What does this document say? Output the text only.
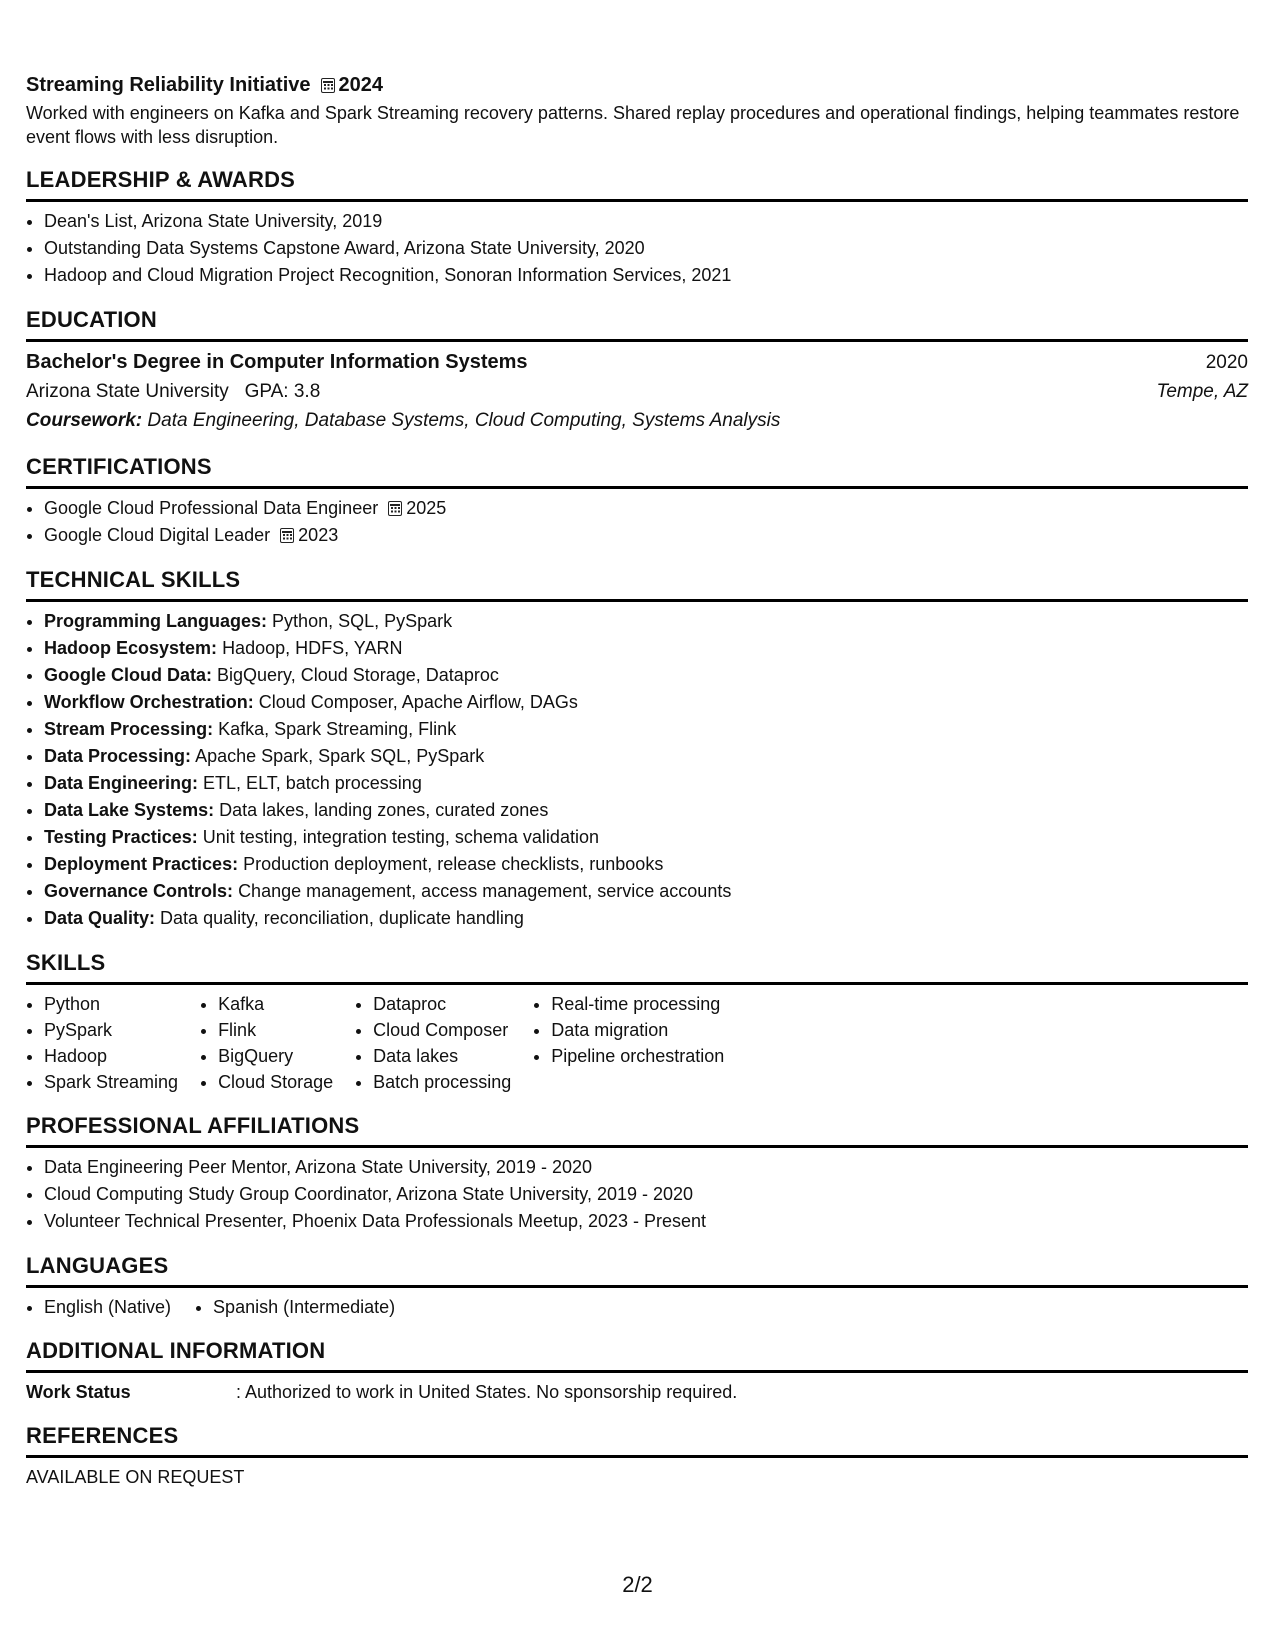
Streaming Reliability Initiative	2024
Worked with engineers on Kafka and Spark Streaming recovery patterns. Shared replay procedures and operational findings, helping teammates restore event flows with less disruption.
LEADERSHIP & AWARDS
• Dean's List, Arizona State University, 2019
• Outstanding Data Systems Capstone Award, Arizona State University, 2020
• Hadoop and Cloud Migration Project Recognition, Sonoran Information Services, 2021
EDUCATION
Bachelor's Degree in Computer Information Systems	2020
Arizona State University GPA: 3.8	Tempe, AZ
Coursework: Data Engineering, Database Systems, Cloud Computing, Systems Analysis
CERTIFICATIONS
• Google Cloud Professional Data Engineer 2025
• Google Cloud Digital Leader 2023
TECHNICAL SKILLS
• Programming Languages: Python, SQL, PySpark
• Hadoop Ecosystem: Hadoop, HDFS, YARN
• Google Cloud Data: BigQuery, Cloud Storage, Dataproc
• Workflow Orchestration: Cloud Composer, Apache Airflow, DAGs
• Stream Processing: Kafka, Spark Streaming, Flink
• Data Processing: Apache Spark, Spark SQL, PySpark
• Data Engineering: ETL, ELT, batch processing
• Data Lake Systems: Data lakes, landing zones, curated zones
• Testing Practices: Unit testing, integration testing, schema validation
• Deployment Practices: Production deployment, release checklists, runbooks
• Governance Controls: Change management, access management, service accounts
• Data Quality: Data quality, reconciliation, duplicate handling
SKILLS
• Python
• PySpark
• Hadoop
• Spark Streaming
• Kafka
• Flink
• BigQuery
• Cloud Storage
• Dataproc
• Cloud Composer
• Data lakes
• Batch processing
• Real-time processing
• Data migration
• Pipeline orchestration
PROFESSIONAL AFFILIATIONS
• Data Engineering Peer Mentor, Arizona State University, 2019 - 2020
• Cloud Computing Study Group Coordinator, Arizona State University, 2019 - 2020
• Volunteer Technical Presenter, Phoenix Data Professionals Meetup, 2023 - Present
LANGUAGES
• English (Native)
• Spanish (Intermediate)
ADDITIONAL INFORMATION
Work Status	: Authorized to work in United States. No sponsorship required.
REFERENCES
AVAILABLE ON REQUEST
2/2
